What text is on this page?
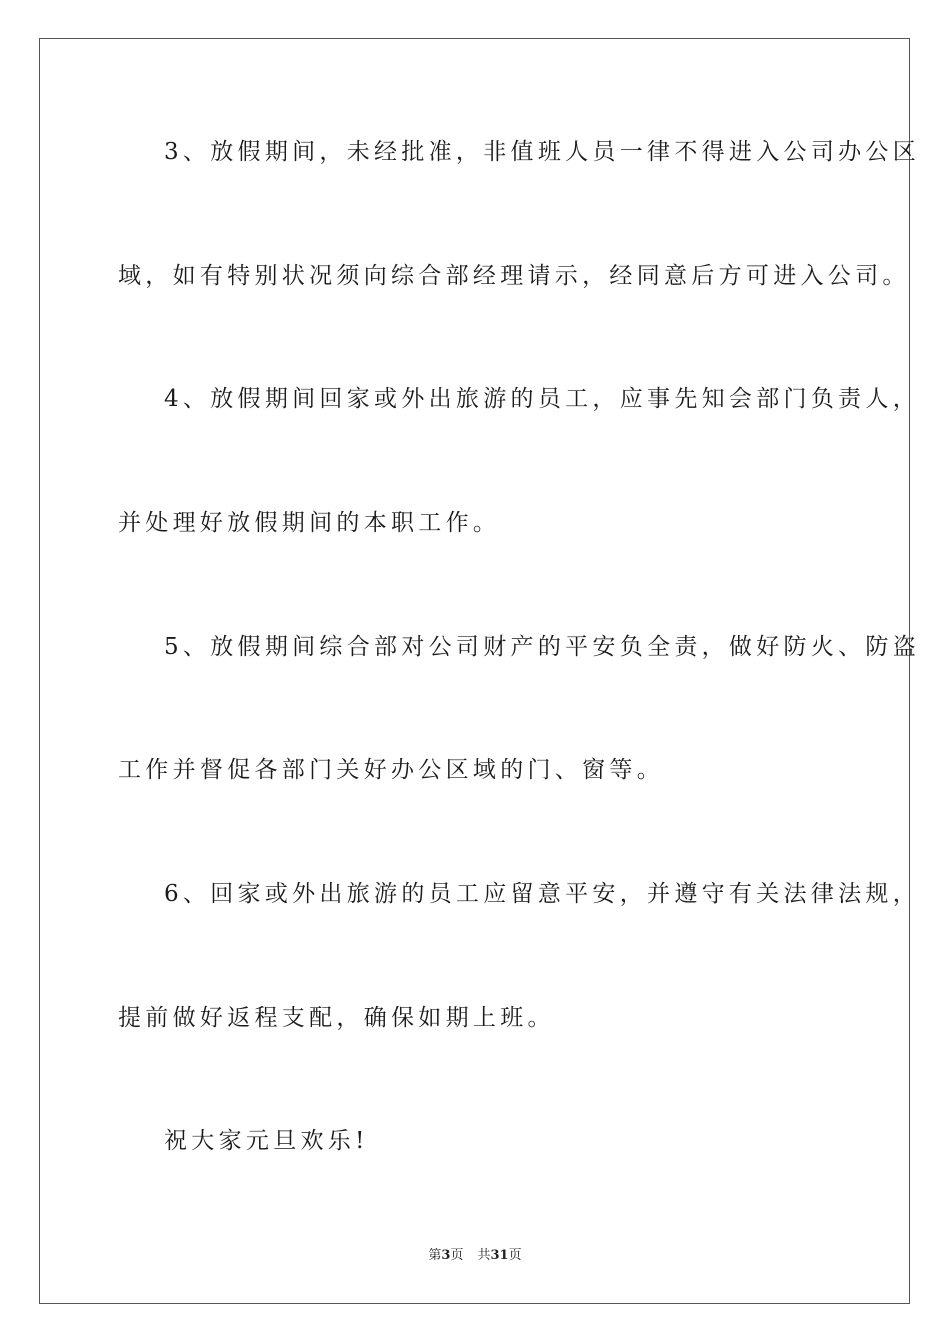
3、放假期间，未经批准，非值班人员一律不得进入公司办公区
域，如有特别状况须向综合部经理请示，经同意后方可进入公司。
4、放假期间回家或外出旅游的员工，应事先知会部门负责人，
并处理好放假期间的本职工作。
5、放假期间综合部对公司财产的平安负全责，做好防火、防盗
工作并督促各部门关好办公区域的门、窗等。
6、回家或外出旅游的员工应留意平安，并遵守有关法律法规，
提前做好返程支配，确保如期上班。
祝大家元旦欢乐!
第3页 共31页
